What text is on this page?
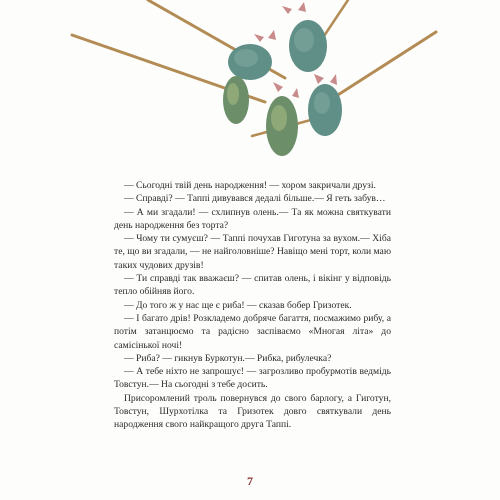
— Сьогодні твій день народження! — хором закричали друзі.

— Справді? — Таппі дивувався дедалі більше.— Я геть забув…

— А ми згадали! — схлипнув олень.— Та як можна святкувати день народження без торта?

— Чому ти сумуєш? — Таппі почухав Гиготуна за вухом.— Хіба те, що ви згадали, — не найголовніше? Навіщо мені торт, коли маю таких чудових друзів!

— Ти справді так вважаєш? — спитав олень, і вікінг у відповідь тепло обійняв його.

— До того ж у нас ще є риба! — сказав бобер Гризотек.

— І багато дрів! Розкладемо добряче багаття, посмажимо рибу, а потім затанцюємо та радісно заспіваємо «Многая літа» до самісінької ночі!

— Риба? — гикнув Буркотун.— Рибка, рибулечка?

— А тебе ніхто не запрошує! — загрозливо пробурмотів ведмідь Товстун.— На сьогодні з тебе досить.

Присоромлений троль повернувся до свого барлогу, а Гиготун, Товстун, Шурхотілка та Гризотек довго святкували день народження свого найкращого друга Таппі.

7
